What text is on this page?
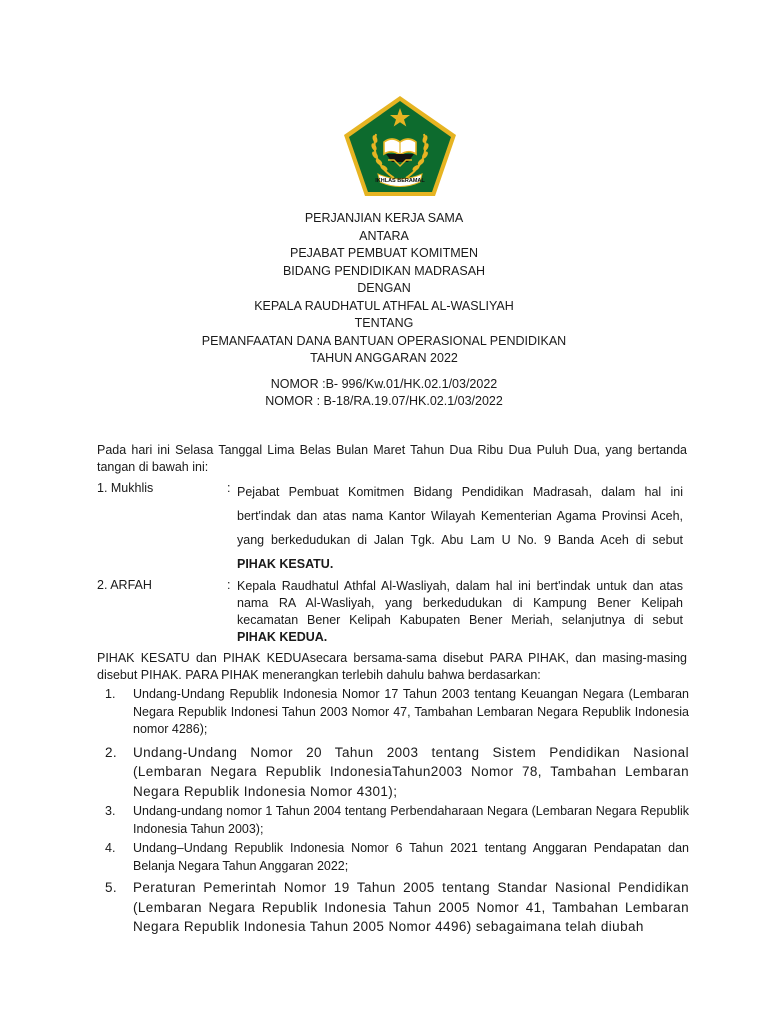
IKHLAS BERAMAL
PERJANJIAN KERJA SAMA
ANTARA
PEJABAT PEMBUAT KOMITMEN
BIDANG PENDIDIKAN MADRASAH
DENGAN
KEPALA RAUDHATUL ATHFAL AL-WASLIYAH
TENTANG
PEMANFAATAN DANA BANTUAN OPERASIONAL PENDIDIKAN
TAHUN ANGGARAN 2022
NOMOR :B- 996/Kw.01/HK.02.1/03/2022
NOMOR : B-18/RA.19.07/HK.02.1/03/2022
Pada hari ini Selasa Tanggal Lima Belas Bulan Maret Tahun Dua Ribu Dua Puluh Dua, yang bertanda tangan di bawah ini:
1. Mukhlis	: Pejabat Pembuat Komitmen Bidang Pendidikan Madrasah, dalam hal ini

bert'indak dan atas nama Kantor Wilayah Kementerian Agama Provinsi Aceh,

yang berkedudukan di Jalan Tgk. Abu Lam U No. 9 Banda Aceh di sebut

PIHAK KESATU.

2. ARFAH	: Kepala Raudhatul Athfal Al-Wasliyah, dalam hal ini bert'indak untuk dan atas

nama RA Al-Wasliyah, yang berkedudukan di Kampung Bener Kelipah

kecamatan Bener Kelipah Kabupaten Bener Meriah, selanjutnya di sebut

PIHAK KEDUA.

PIHAK KESATU dan PIHAK KEDUAsecara bersama-sama disebut PARA PIHAK, dan masing-masing disebut PIHAK. PARA PIHAK menerangkan terlebih dahulu bahwa berdasarkan:
1. Undang-Undang Republik Indonesia Nomor 17 Tahun 2003 tentang Keuangan Negara (Lembaran Negara Republik Indonesi Tahun 2003 Nomor 47, Tambahan Lembaran Negara Republik Indonesia nomor 4286);
2. Undang-Undang Nomor 20 Tahun 2003 tentang Sistem Pendidikan Nasional (Lembaran Negara Republik IndonesiaTahun2003 Nomor 78, Tambahan Lembaran Negara Republik Indonesia Nomor 4301);
3. Undang-undang nomor 1 Tahun 2004 tentang Perbendaharaan Negara (Lembaran Negara Republik Indonesia Tahun 2003);
4. Undang–Undang Republik Indonesia Nomor 6 Tahun 2021 tentang Anggaran Pendapatan dan Belanja Negara Tahun Anggaran 2022;
5. Peraturan Pemerintah Nomor 19 Tahun 2005 tentang Standar Nasional Pendidikan (Lembaran Negara Republik Indonesia Tahun 2005 Nomor 41, Tambahan Lembaran Negara Republik Indonesia Tahun 2005 Nomor 4496) sebagaimana telah diubah
